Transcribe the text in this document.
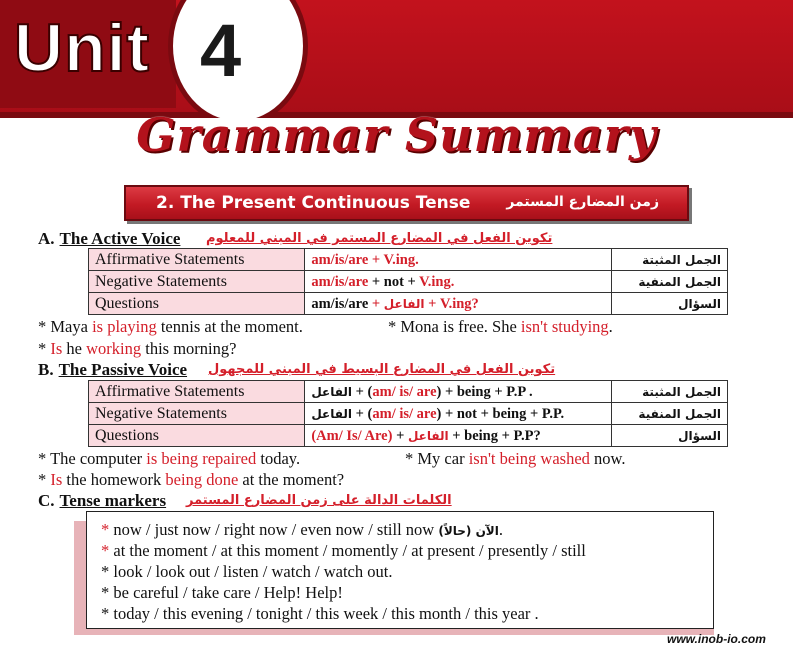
Unit 4
Grammar Summary
2. The Present Continuous Tense	زمن المضارع المستمر
A. The Active Voice تكوين الفعل في المضارع المستمر في المبني للمعلوم
Affirmative Statements	am/is/are + V.ing.	الجمل المثبتة
Negative Statements	am/is/are + not + V.ing.	الجمل المنفية
Questions	am/is/are + الفاعل + V.ing?	السؤال
* Maya is playing tennis at the moment.	* Mona is free. She isn't studying.
* Is he working this morning?
B. The Passive Voice تكوين الفعل في المضارع البسيط في المبني للمجهول
Affirmative Statements	الفاعل + (am/ is/ are) + being + P.P .	الجمل المثبتة
Negative Statements	الفاعل + (am/ is/ are) + not + being + P.P.	الجمل المنفية
Questions	(Am/ Is/ Are) + الفاعل + being + P.P?	السؤال
* The computer is being repaired today.	* My car isn't being washed now.
* Is the homework being done at the moment?
C. Tense markers الكلمات الدالة على زمن المضارع المستمر
* now / just now / right now / even now / still now الآن (حالاً).
* at the moment / at this moment / momently / at present / presently / still
* look / look out / listen / watch / watch out.
* be careful / take care / Help! Help!
* today / this evening / tonight / this week / this month / this year .
www.inob-io.com
